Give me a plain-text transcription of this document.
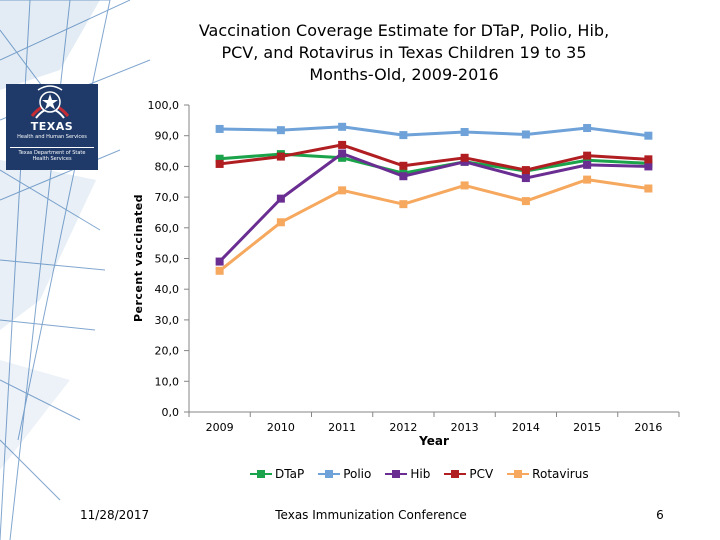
TEXAS
Health and Human Services
Texas Department of State
Health Services
Vaccination Coverage Estimate for DTaP, Polio, Hib,
PCV, and Rotavirus in Texas Children 19 to 35
Months-Old, 2009-2016
0,0
10,0
20,0
30,0
40,0
50,0
60,0
70,0
80,0
90,0
100,0
2009	2010	2011	2012	2013	2014	2015	2016
Percent vaccinated
Year
DTaP	Polio	Hib	PCV	Rotavirus
11/28/2017	Texas Immunization Conference	6
